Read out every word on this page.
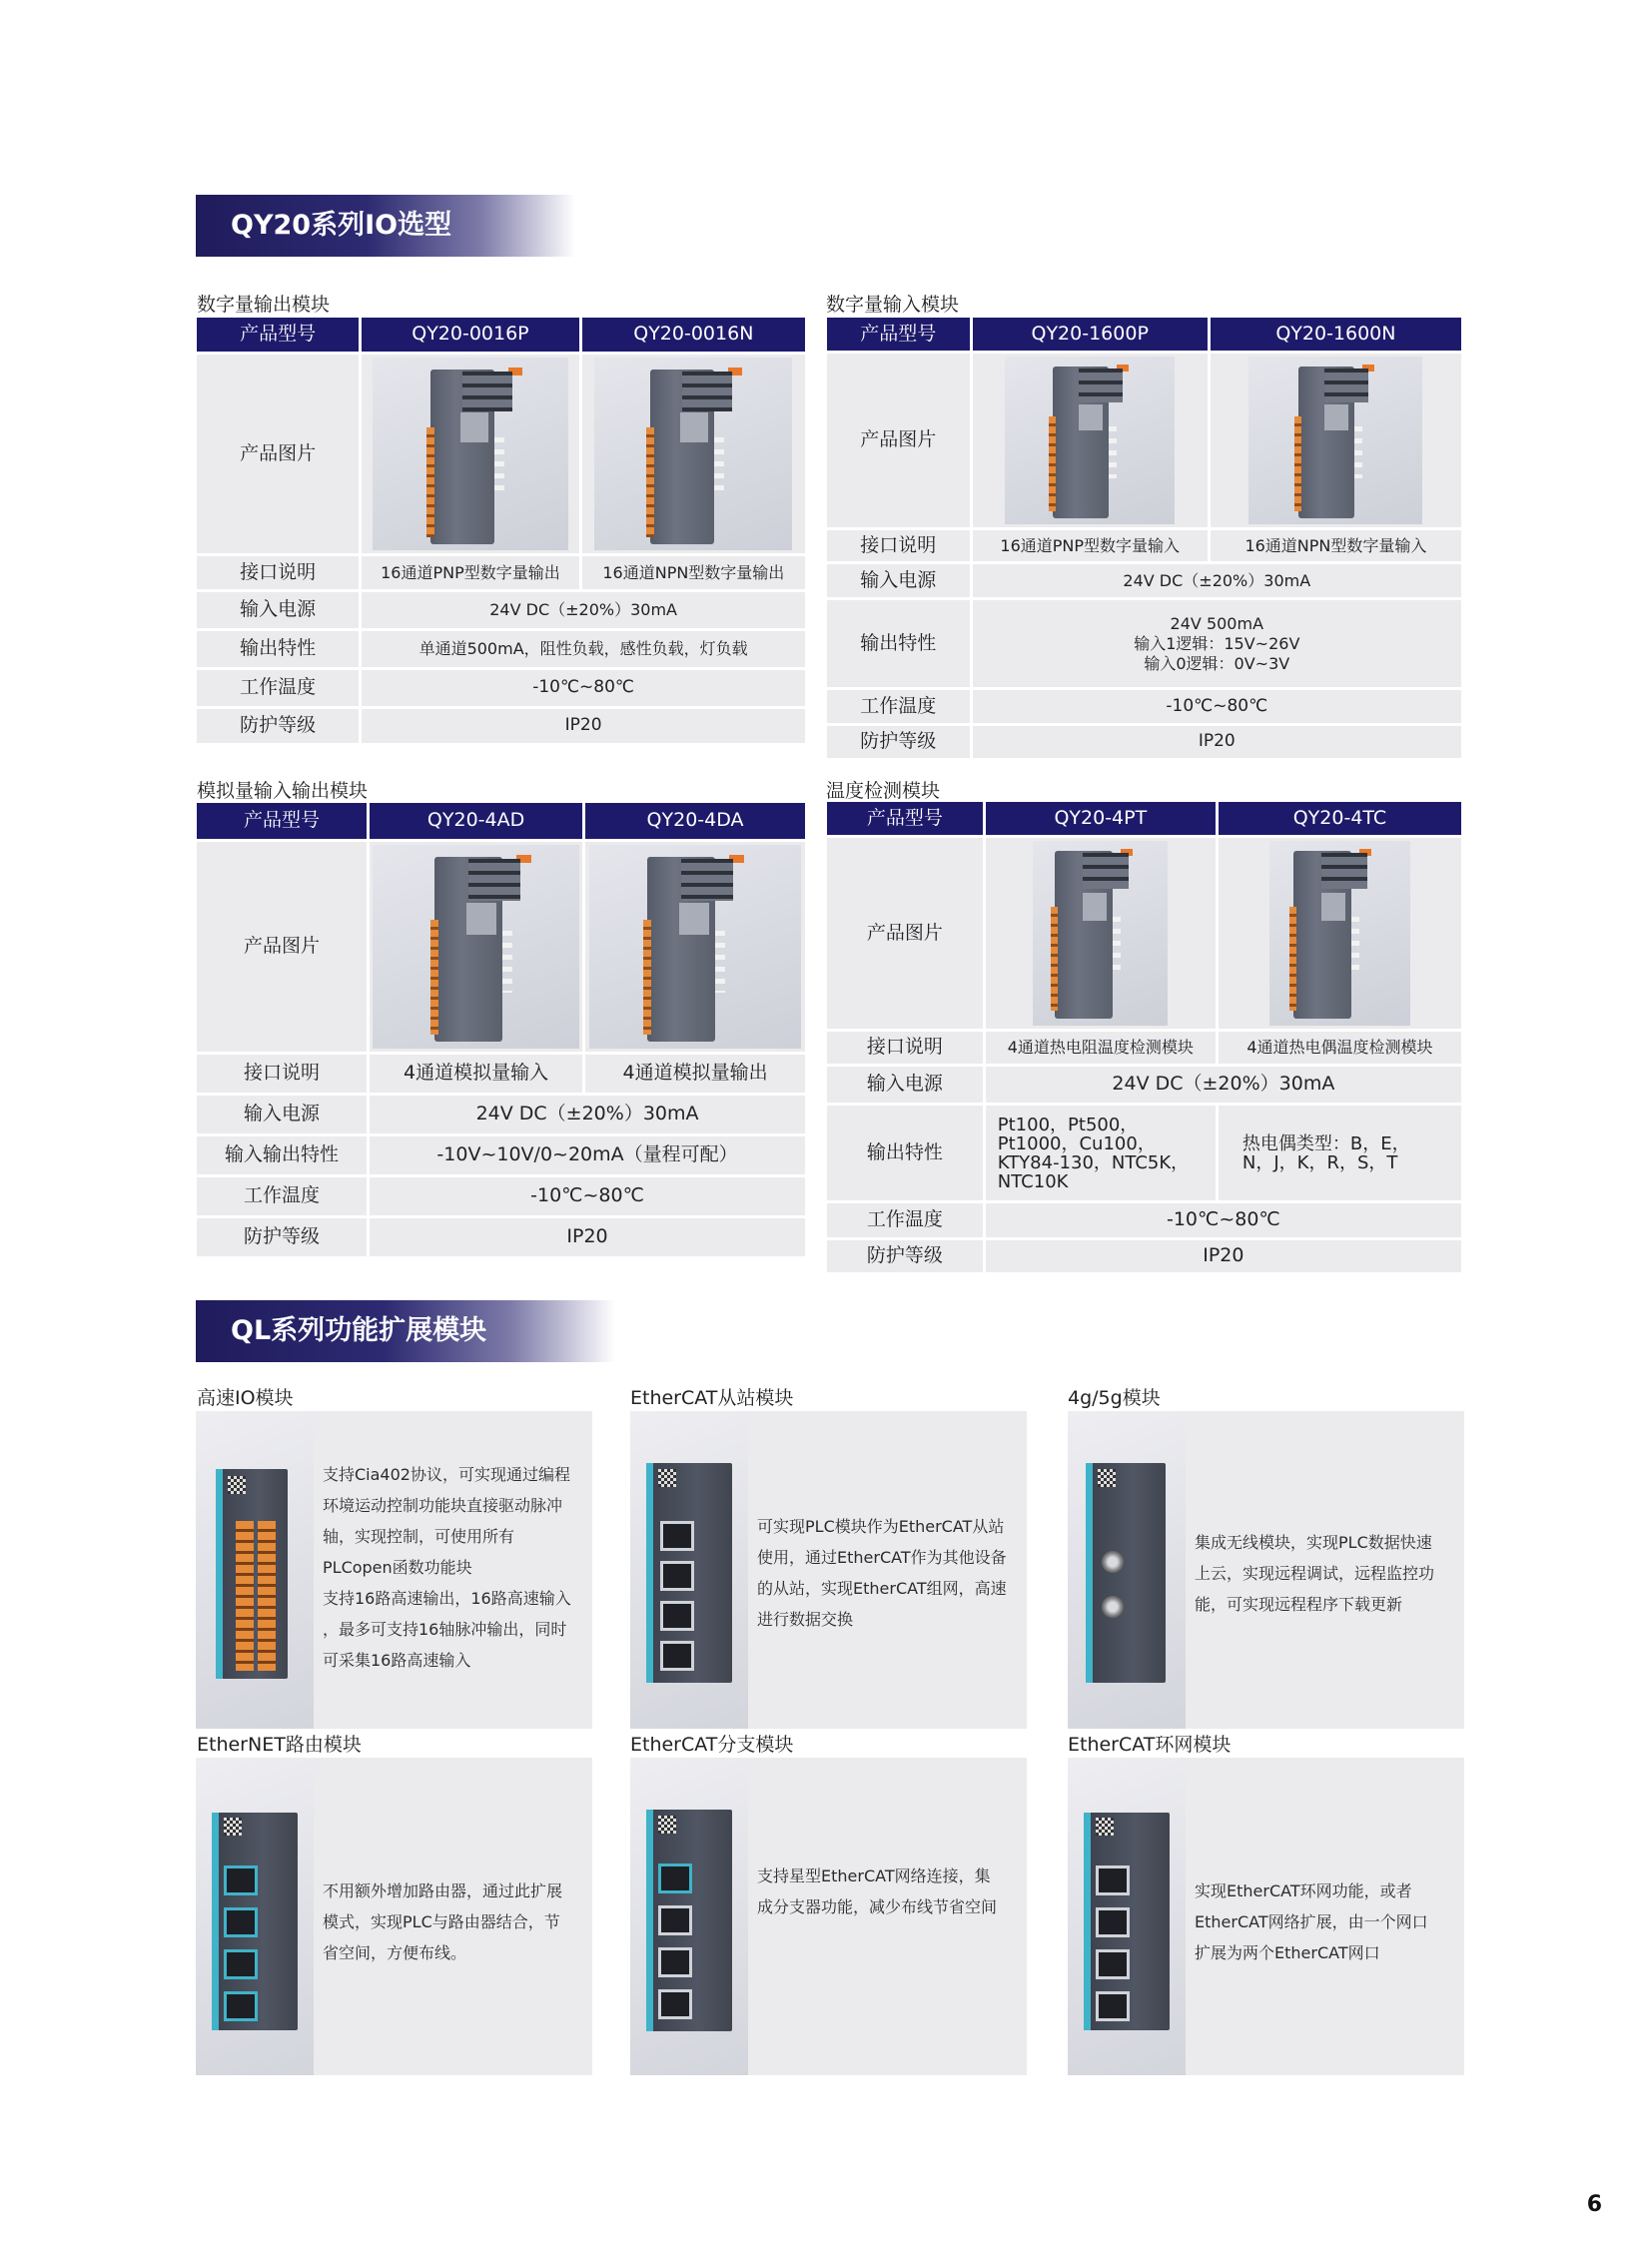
QY20系列IO选型
数字量输出模块
产品型号	QY20-0016P	QY20-0016N
产品图片	

接口说明	16通道PNP型数字量输出	16通道NPN型数字量输出
输入电源	24V DC（±20%）30mA	
输出特性	单通道500mA，阻性负载，感性负载，灯负载	
工作温度	-10℃~80℃	
防护等级	IP20	
数字量输入模块
产品型号	QY20-1600P	QY20-1600N
产品图片	

接口说明	16通道PNP型数字量输入	16通道NPN型数字量输入
输入电源	24V DC（±20%）30mA	
输出特性	24V 500mA
输入1逻辑：15V~26V
输入0逻辑：0V~3V	

工作温度	-10℃~80℃	
防护等级	IP20	
模拟量输入输出模块
产品型号	QY20-4AD	QY20-4DA
产品图片	

接口说明	4通道模拟量输入	4通道模拟量输出
输入电源	24V DC（±20%）30mA	
输入输出特性	-10V~10V/0~20mA（量程可配）	
工作温度	-10℃~80℃	
防护等级	IP20	
温度检测模块
产品型号	QY20-4PT	QY20-4TC
产品图片	

接口说明	4通道热电阻温度检测模块	4通道热电偶温度检测模块
输入电源	24V DC（±20%）30mA	
输出特性	Pt100，Pt500，Pt1000，Cu100，KTY84-130，NTC5K，NTC10K	热电偶类型：B，E，N，J，K，R，S，T
工作温度	-10℃~80℃	
防护等级	IP20	
QL系列功能扩展模块
高速IO模块
支持Cia402协议，可实现通过编程
环境运动控制功能块直接驱动脉冲
轴，实现控制，可使用所有
PLCopen函数功能块
支持16路高速输出，16路高速输入
，最多可支持16轴脉冲输出，同时
可采集16路高速输入
EtherCAT从站模块
可实现PLC模块作为EtherCAT从站
使用，通过EtherCAT作为其他设备
的从站，实现EtherCAT组网，高速
进行数据交换
4g/5g模块
集成无线模块，实现PLC数据快速
上云，实现远程调试，远程监控功
能，可实现远程程序下载更新
EtherNET路由模块
不用额外增加路由器，通过此扩展
模式，实现PLC与路由器结合，节
省空间，方便布线。
EtherCAT分支模块
支持星型EtherCAT网络连接，集
成分支器功能，减少布线节省空间
EtherCAT环网模块
实现EtherCAT环网功能，或者
EtherCAT网络扩展，由一个网口
扩展为两个EtherCAT网口
6
